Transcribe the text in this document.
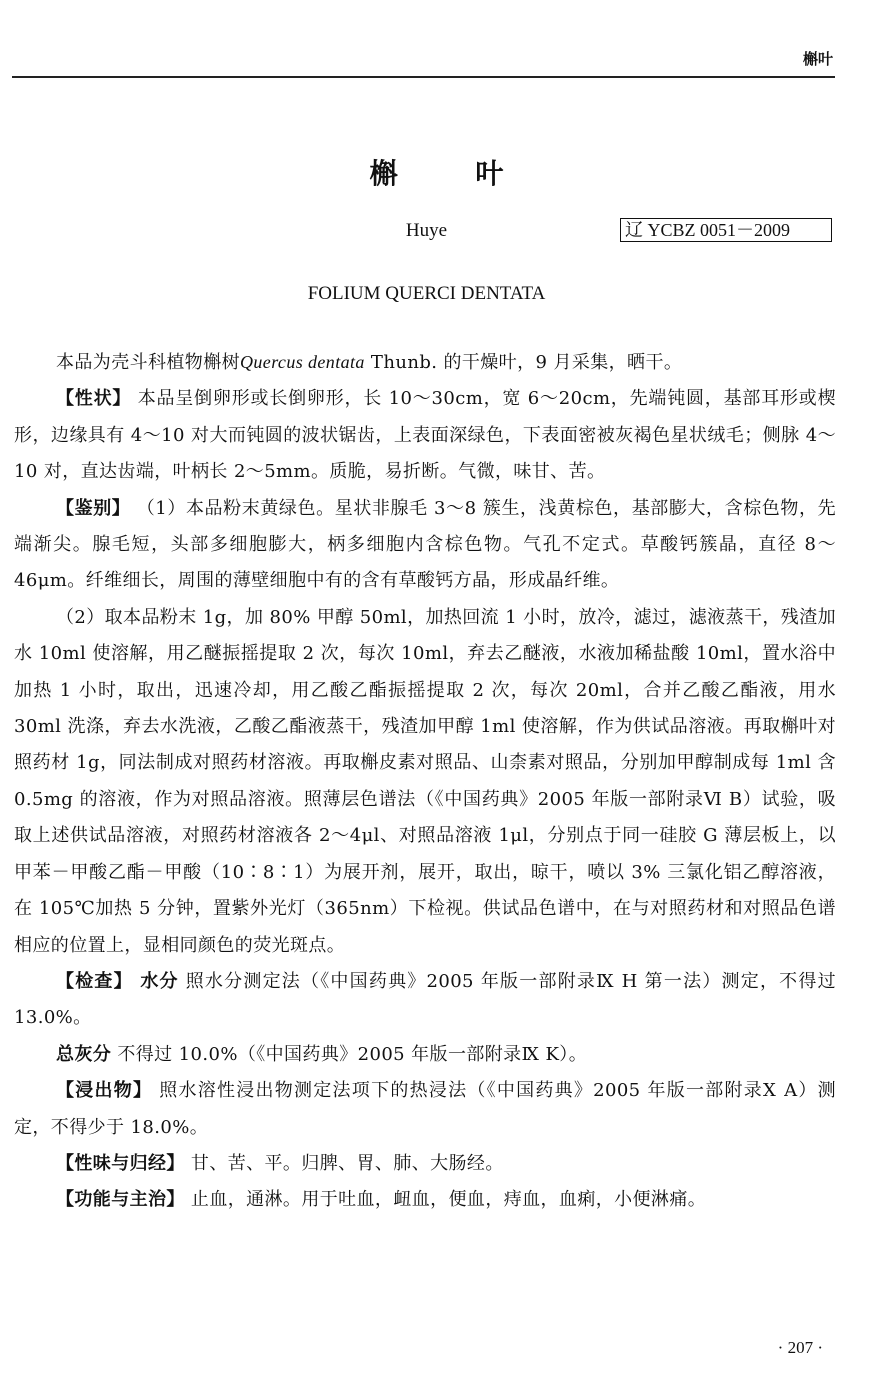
槲叶
槲 叶
Huye	辽 YCBZ 0051－2009
FOLIUM QUERCI DENTATA

本品为壳斗科植物槲树Quercus dentata Thunb. 的干燥叶，9 月采集，晒干。

【性状】 本品呈倒卵形或长倒卵形，长 10～30cm，宽 6～20cm，先端钝圆，基部耳形或楔形，边缘具有 4～10 对大而钝圆的波状锯齿，上表面深绿色，下表面密被灰褐色星状绒毛；侧脉 4～10 对，直达齿端，叶柄长 2～5mm。质脆，易折断。气微，味甘、苦。

【鉴别】 （1）本品粉末黄绿色。星状非腺毛 3～8 簇生，浅黄棕色，基部膨大，含棕色物，先端渐尖。腺毛短，头部多细胞膨大，柄多细胞内含棕色物。气孔不定式。草酸钙簇晶，直径 8～46μm。纤维细长，周围的薄壁细胞中有的含有草酸钙方晶，形成晶纤维。

（2）取本品粉末 1g，加 80% 甲醇 50ml，加热回流 1 小时，放冷，滤过，滤液蒸干，残渣加水 10ml 使溶解，用乙醚振摇提取 2 次，每次 10ml，弃去乙醚液，水液加稀盐酸 10ml，置水浴中加热 1 小时，取出，迅速冷却，用乙酸乙酯振摇提取 2 次，每次 20ml，合并乙酸乙酯液，用水 30ml 洗涤，弃去水洗液，乙酸乙酯液蒸干，残渣加甲醇 1ml 使溶解，作为供试品溶液。再取槲叶对照药材 1g，同法制成对照药材溶液。再取槲皮素对照品、山柰素对照品，分别加甲醇制成每 1ml 含 0.5mg 的溶液，作为对照品溶液。照薄层色谱法（《中国药典》2005 年版一部附录Ⅵ B）试验，吸取上述供试品溶液，对照药材溶液各 2～4μl、对照品溶液 1μl，分别点于同一硅胶 G 薄层板上，以甲苯－甲酸乙酯－甲酸（10∶8∶1）为展开剂，展开，取出，晾干，喷以 3% 三氯化铝乙醇溶液，在 105℃加热 5 分钟，置紫外光灯（365nm）下检视。供试品色谱中，在与对照药材和对照品色谱相应的位置上，显相同颜色的荧光斑点。

【检查】 水分 照水分测定法（《中国药典》2005 年版一部附录Ⅸ H 第一法）测定，不得过 13.0%。

总灰分 不得过 10.0%（《中国药典》2005 年版一部附录Ⅸ K）。

【浸出物】 照水溶性浸出物测定法项下的热浸法（《中国药典》2005 年版一部附录Ⅹ A）测定，不得少于 18.0%。

【性味与归经】 甘、苦、平。归脾、胃、肺、大肠经。

【功能与主治】 止血，通淋。用于吐血，衄血，便血，痔血，血痢，小便淋痛。

· 207 ·
